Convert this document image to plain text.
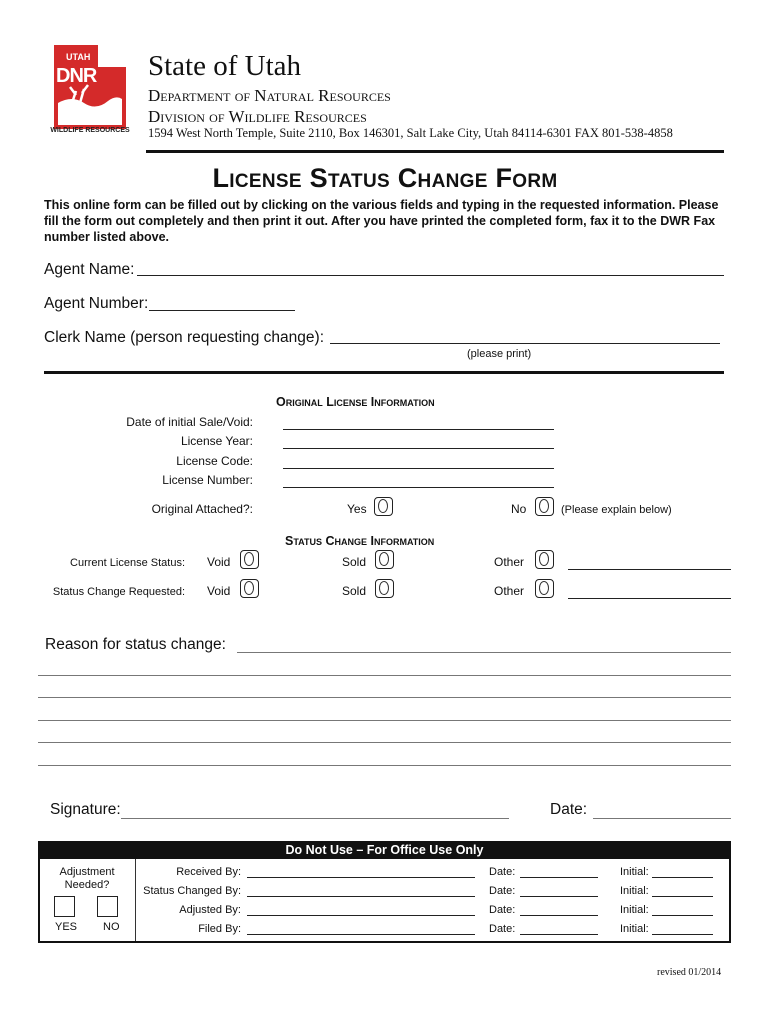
UTAH
DNR
WILDLIFE RESOURCES
State of Utah
Department of Natural Resources
Division of Wildlife Resources
1594 West North Temple, Suite 2110, Box 146301, Salt Lake City, Utah 84114-6301 FAX 801-538-4858
License Status Change Form
This online form can be filled out by clicking on the various fields and typing in the requested information. Please fill the form out completely and then print it out. After you have printed the completed form, fax it to the DWR Fax number listed above.
Agent Name:
Agent Number:
Clerk Name (person requesting change):
(please print)
Original License Information
Date of initial Sale/Void:
License Year:
License Code:
License Number:
Original Attached?:	Yes	No	(Please explain below)
Status Change Information
Current License Status: Void	Sold	Other
Status Change Requested: Void	Sold	Other
Reason for status change:
Signature:	Date:
Do Not Use – For Office Use Only
Adjustment Needed?
YES NO
Received By:	Date:	Initial:
Status Changed By:	Date:	Initial:
Adjusted By:	Date:	Initial:
Filed By:	Date:	Initial:
revised 01/2014
